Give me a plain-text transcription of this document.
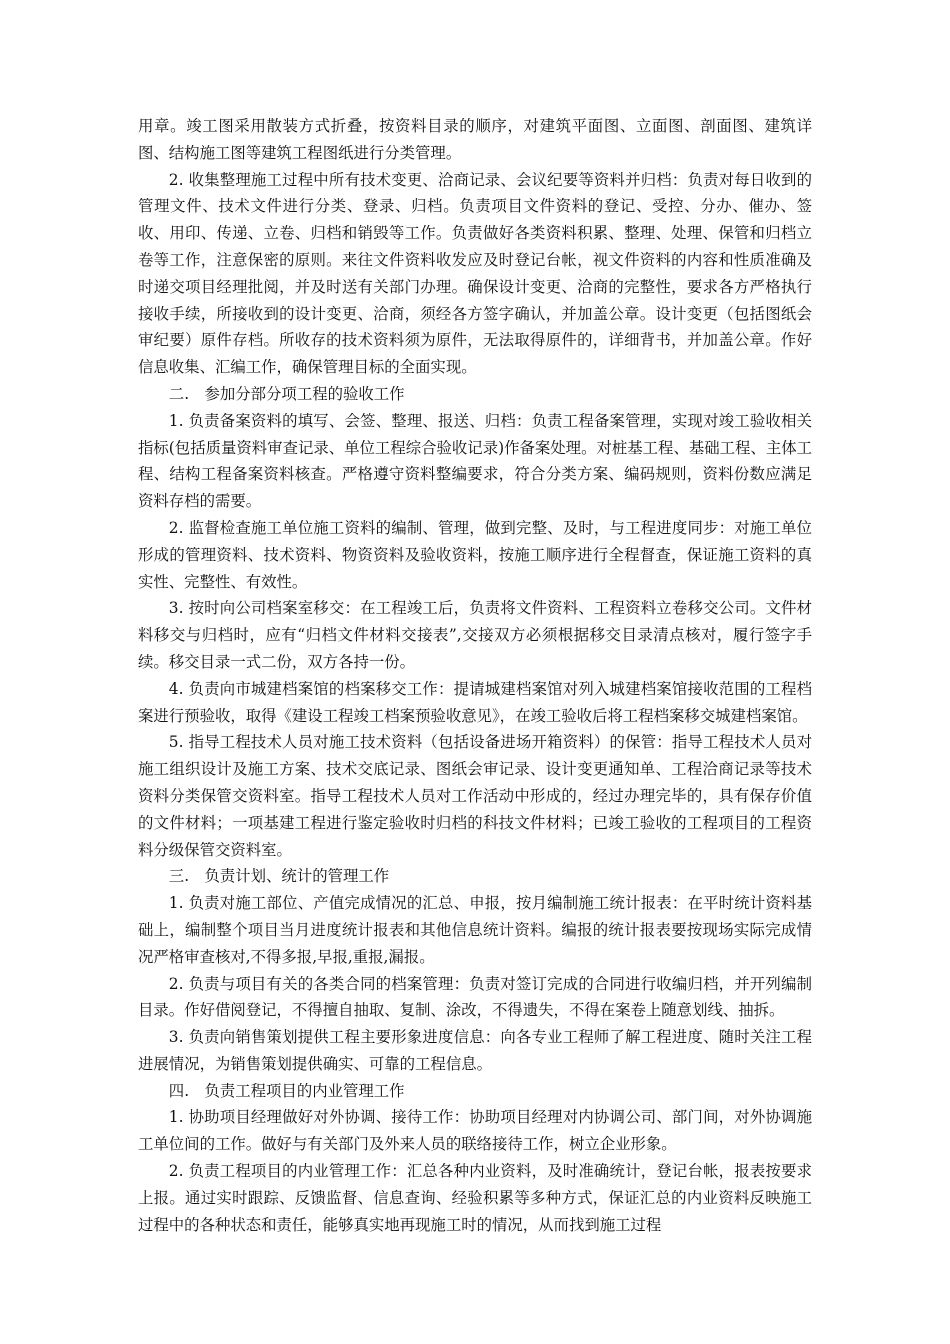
用章。竣工图采用散装方式折叠，按资料目录的顺序，对建筑平面图、立面图、剖面图、建筑详图、结构施工图等建筑工程图纸进行分类管理。

2. 收集整理施工过程中所有技术变更、洽商记录、会议纪要等资料并归档：负责对每日收到的管理文件、技术文件进行分类、登录、归档。负责项目文件资料的登记、受控、分办、催办、签收、用印、传递、立卷、归档和销毁等工作。负责做好各类资料积累、整理、处理、保管和归档立卷等工作，注意保密的原则。来往文件资料收发应及时登记台帐，视文件资料的内容和性质准确及时递交项目经理批阅，并及时送有关部门办理。确保设计变更、洽商的完整性，要求各方严格执行接收手续，所接收到的设计变更、洽商，须经各方签字确认，并加盖公章。设计变更（包括图纸会审纪要）原件存档。所收存的技术资料须为原件，无法取得原件的，详细背书，并加盖公章。作好信息收集、汇编工作，确保管理目标的全面实现。

二.　参加分部分项工程的验收工作

1. 负责备案资料的填写、会签、整理、报送、归档：负责工程备案管理，实现对竣工验收相关指标(包括质量资料审查记录、单位工程综合验收记录)作备案处理。对桩基工程、基础工程、主体工程、结构工程备案资料核查。严格遵守资料整编要求，符合分类方案、编码规则，资料份数应满足资料存档的需要。

2. 监督检查施工单位施工资料的编制、管理，做到完整、及时，与工程进度同步：对施工单位形成的管理资料、技术资料、物资资料及验收资料，按施工顺序进行全程督查，保证施工资料的真实性、完整性、有效性。

3. 按时向公司档案室移交：在工程竣工后，负责将文件资料、工程资料立卷移交公司。文件材料移交与归档时，应有“归档文件材料交接表”,交接双方必须根据移交目录清点核对，履行签字手续。移交目录一式二份，双方各持一份。

4. 负责向市城建档案馆的档案移交工作：提请城建档案馆对列入城建档案馆接收范围的工程档案进行预验收，取得《建设工程竣工档案预验收意见》，在竣工验收后将工程档案移交城建档案馆。

5. 指导工程技术人员对施工技术资料（包括设备进场开箱资料）的保管：指导工程技术人员对施工组织设计及施工方案、技术交底记录、图纸会审记录、设计变更通知单、工程洽商记录等技术资料分类保管交资料室。指导工程技术人员对工作活动中形成的，经过办理完毕的，具有保存价值的文件材料；一项基建工程进行鉴定验收时归档的科技文件材料；已竣工验收的工程项目的工程资料分级保管交资料室。

三.　负责计划、统计的管理工作

1. 负责对施工部位、产值完成情况的汇总、申报，按月编制施工统计报表：在平时统计资料基础上，编制整个项目当月进度统计报表和其他信息统计资料。编报的统计报表要按现场实际完成情况严格审查核对,不得多报,早报,重报,漏报。

2. 负责与项目有关的各类合同的档案管理：负责对签订完成的合同进行收编归档，并开列编制目录。作好借阅登记，不得擅自抽取、复制、涂改，不得遗失，不得在案卷上随意划线、抽拆。

3. 负责向销售策划提供工程主要形象进度信息：向各专业工程师了解工程进度、随时关注工程进展情况，为销售策划提供确实、可靠的工程信息。

四.　负责工程项目的内业管理工作

1. 协助项目经理做好对外协调、接待工作：协助项目经理对内协调公司、部门间，对外协调施工单位间的工作。做好与有关部门及外来人员的联络接待工作，树立企业形象。

2. 负责工程项目的内业管理工作：汇总各种内业资料，及时准确统计，登记台帐，报表按要求上报。通过实时跟踪、反馈监督、信息查询、经验积累等多种方式，保证汇总的内业资料反映施工过程中的各种状态和责任，能够真实地再现施工时的情况，从而找到施工过程
